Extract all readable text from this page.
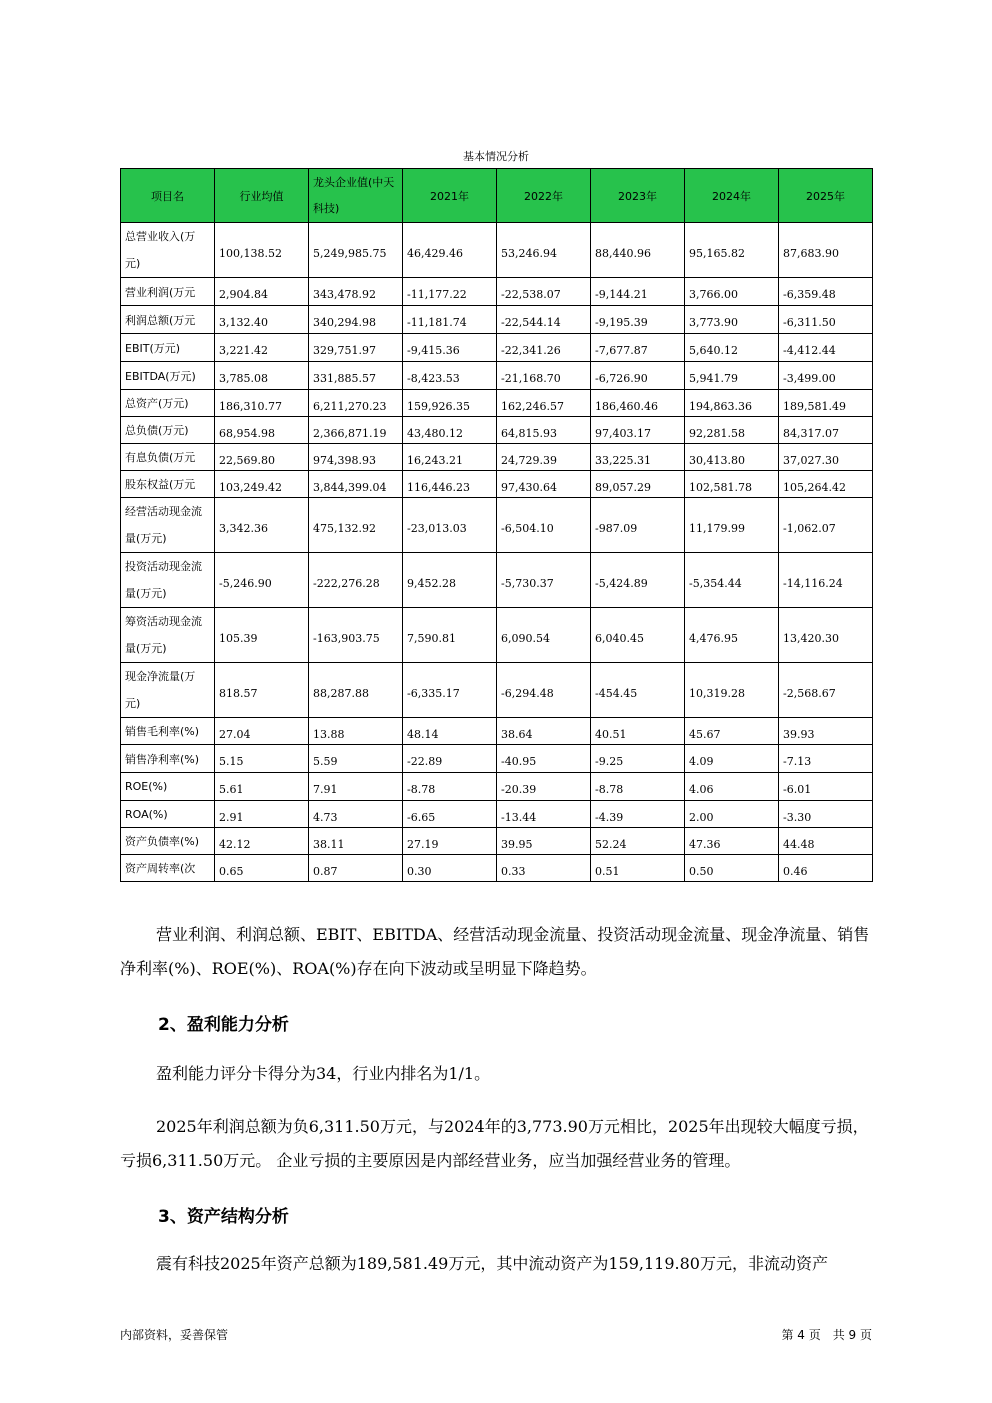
基本情况分析
项目名	行业均值	龙头企业值(中天科技)	2021年	2022年	2023年	2024年	2025年
总营业收入(万元)	100,138.52	5,249,985.75	46,429.46	53,246.94	88,440.96	95,165.82	87,683.90
营业利润(万元	2,904.84	343,478.92	-11,177.22	-22,538.07	-9,144.21	3,766.00	-6,359.48
利润总额(万元	3,132.40	340,294.98	-11,181.74	-22,544.14	-9,195.39	3,773.90	-6,311.50
EBIT(万元)	3,221.42	329,751.97	-9,415.36	-22,341.26	-7,677.87	5,640.12	-4,412.44
EBITDA(万元)	3,785.08	331,885.57	-8,423.53	-21,168.70	-6,726.90	5,941.79	-3,499.00
总资产(万元)	186,310.77	6,211,270.23	159,926.35	162,246.57	186,460.46	194,863.36	189,581.49
总负债(万元)	68,954.98	2,366,871.19	43,480.12	64,815.93	97,403.17	92,281.58	84,317.07
有息负债(万元	22,569.80	974,398.93	16,243.21	24,729.39	33,225.31	30,413.80	37,027.30
股东权益(万元	103,249.42	3,844,399.04	116,446.23	97,430.64	89,057.29	102,581.78	105,264.42
经营活动现金流量(万元)	3,342.36	475,132.92	-23,013.03	-6,504.10	-987.09	11,179.99	-1,062.07
投资活动现金流量(万元)	-5,246.90	-222,276.28	9,452.28	-5,730.37	-5,424.89	-5,354.44	-14,116.24
筹资活动现金流量(万元)	105.39	-163,903.75	7,590.81	6,090.54	6,040.45	4,476.95	13,420.30
现金净流量(万元)	818.57	88,287.88	-6,335.17	-6,294.48	-454.45	10,319.28	-2,568.67
销售毛利率(%)	27.04	13.88	48.14	38.64	40.51	45.67	39.93
销售净利率(%)	5.15	5.59	-22.89	-40.95	-9.25	4.09	-7.13
ROE(%)	5.61	7.91	-8.78	-20.39	-8.78	4.06	-6.01
ROA(%)	2.91	4.73	-6.65	-13.44	-4.39	2.00	-3.30
资产负债率(%)	42.12	38.11	27.19	39.95	52.24	47.36	44.48
资产周转率(次	0.65	0.87	0.30	0.33	0.51	0.50	0.46

营业利润、利润总额、EBIT、EBITDA、经营活动现金流量、投资活动现金流量、现金净流量、销售净利率(%)、ROE(%)、ROA(%)存在向下波动或呈明显下降趋势。

2、盈利能力分析

盈利能力评分卡得分为34，行业内排名为1/1。

2025年利润总额为负6,311.50万元，与2024年的3,773.90万元相比，2025年出现较大幅度亏损，亏损6,311.50万元。 企业亏损的主要原因是内部经营业务，应当加强经营业务的管理。

3、资产结构分析

震有科技2025年资产总额为189,581.49万元，其中流动资产为159,119.80万元，非流动资产

内部资料，妥善保管	第 4 页　共 9 页
